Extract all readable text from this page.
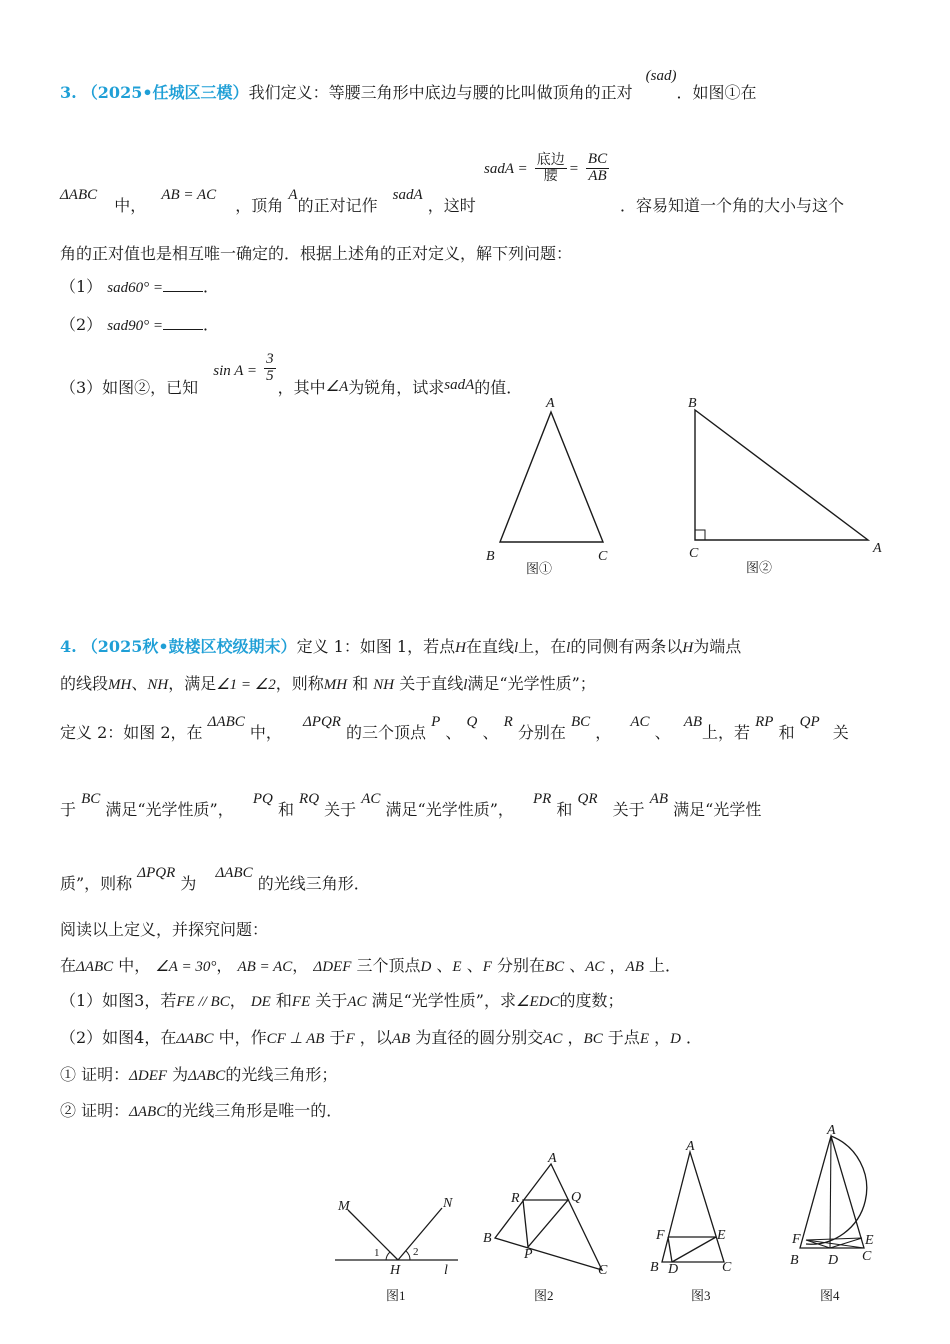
3. （2025•任城区三模）我们定义：等腰三角形中底边与腰的比叫做顶角的正对 (sad)．如图①在
ΔABC 中， AB = AC ，顶角 A的正对记作 sadA ，这时
sadA = $\frac{\text{底边}}{\text{腰}} = \frac{BC}{AB}$
．容易知道一个角的大小与这个
角的正对值也是相互唯一确定的．根据上述角的正对定义，解下列问题：
（1） sad60° =	．
（2） sad90° =	．
（3）如图②，已知 $\sin A = \frac{3}{5}$
，其中∠A为锐角，试求sadA的值．
A
B	C
图①
B
C	A
图②
4. （2025秋•鼓楼区校级期末）定义 1：如图 1，若点H在直线l上，在l的同侧有两条以H为端点
的线段MH、NH，满足∠1 = ∠2，则称MH 和 NH 关于直线l满足“光学性质”；
定义 2：如图 2，在 ΔABC 中， ΔPQR 的三个顶点 P 、 Q 、 R 分别在 BC ， AC 、 AB上，若 RP 和 QP 关
于 BC 满足“光学性质”， PQ 和 RQ 关于 AC 满足“光学性质”， PR 和 QR 关于 AB 满足“光学性
质”，则称 ΔPQR 为 ΔABC 的光线三角形．
阅读以上定义，并探究问题：
在ΔABC 中， ∠A = 30°， AB = AC， ΔDEF 三个顶点D 、E 、F 分别在BC 、AC ，AB 上．
（1）如图3，若FE // BC， DE 和FE 关于AC 满足“光学性质”，求∠EDC的度数；
（2）如图4，在ΔABC 中，作CF ⊥ AB 于F ，以AB 为直径的圆分别交AC ，BC 于点E ，D ．
① 证明：ΔDEF 为ΔABC的光线三角形；
② 证明：ΔABC的光线三角形是唯一的．
M	N
1	2
H	l
图1
A
B
C
R	Q
P
图2
A
F	E
B D	C
图3
A
F	E
B D C
图4
